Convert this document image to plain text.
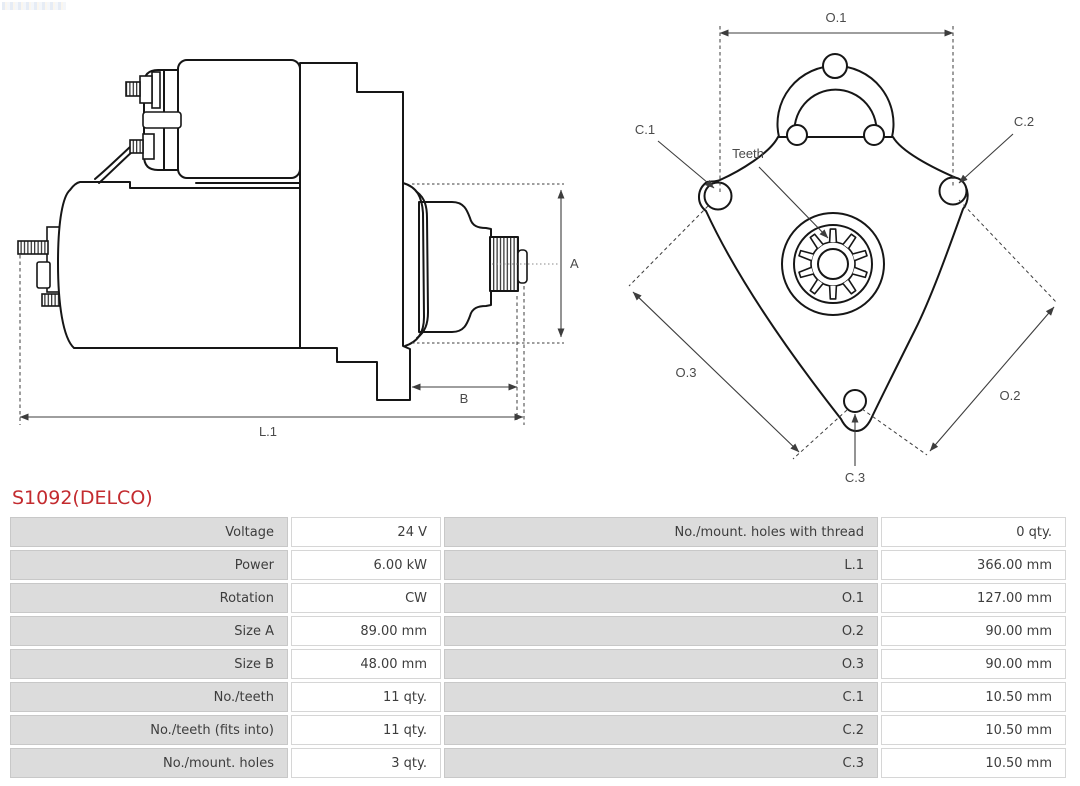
A
B
L.1
O.1
C.1
C.2
Teeth
C.3
O.3
O.2
S1092(DELCO)
Voltage	24 V	No./mount. holes with thread	0 qty.
Power	6.00 kW	L.1	366.00 mm
Rotation	CW	O.1	127.00 mm
Size A	89.00 mm	O.2	90.00 mm
Size B	48.00 mm	O.3	90.00 mm
No./teeth	11 qty.	C.1	10.50 mm
No./teeth (fits into)	11 qty.	C.2	10.50 mm
No./mount. holes	3 qty.	C.3	10.50 mm
